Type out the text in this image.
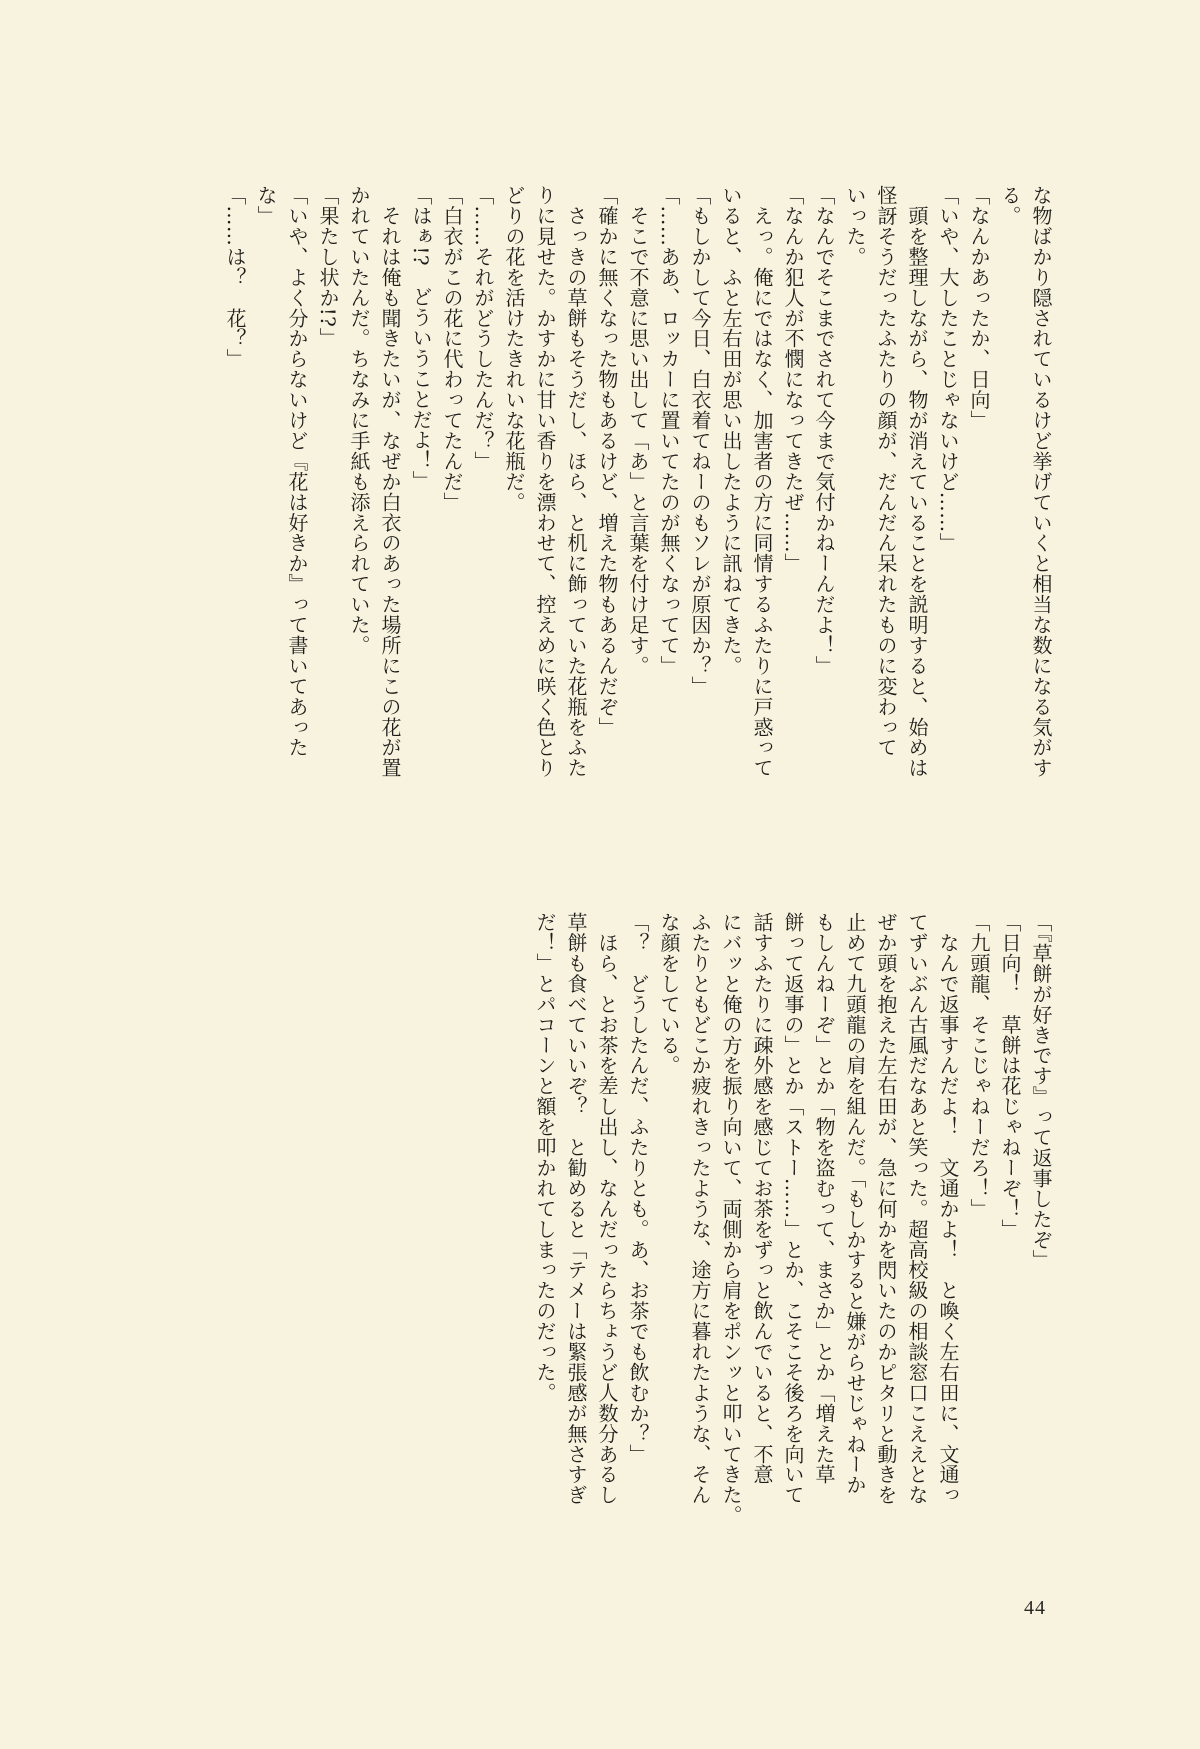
な物ばかり隠されているけど挙げていくと相当な数になる気がす
る。
「なんかあったか、日向」
「いや、大したことじゃないけど……」
　頭を整理しながら、物が消えていることを説明すると、始めは
怪訝そうだったふたりの顔が、だんだん呆れたものに変わって
いった。
「なんでそこまでされて今まで気付かねーんだよ！」
「なんか犯人が不憫になってきたぜ……」
　えっ。俺にではなく、加害者の方に同情するふたりに戸惑って
いると、ふと左右田が思い出したように訊ねてきた。
「もしかして今日、白衣着てねーのもソレが原因か？」
「……ああ、ロッカーに置いてたのが無くなってて」
　そこで不意に思い出して「あ」と言葉を付け足す。
「確かに無くなった物もあるけど、増えた物もあるんだぞ」
　さっきの草餅もそうだし、ほら、と机に飾っていた花瓶をふた
りに見せた。かすかに甘い香りを漂わせて、控えめに咲く色とり
どりの花を活けたきれいな花瓶だ。
「……それがどうしたんだ？」
「白衣がこの花に代わってたんだ」
「はぁ!?　どういうことだよ！」
　それは俺も聞きたいが、なぜか白衣のあった場所にこの花が置
かれていたんだ。ちなみに手紙も添えられていた。
「果たし状か!?」
「いや、よく分からないけど『花は好きか』って書いてあった
な」
「……は？　花？」
「『草餅が好きです』って返事したぞ」
「日向！　草餅は花じゃねーぞ！」
「九頭龍、そこじゃねーだろ！」
　なんで返事すんだよ！　文通かよ！　と喚く左右田に、文通っ
てずいぶん古風だなあと笑った。超高校級の相談窓口こええとな
ぜか頭を抱えた左右田が、急に何かを閃いたのかピタリと動きを
止めて九頭龍の肩を組んだ。「もしかすると嫌がらせじゃねーか
もしんねーぞ」とか「物を盗むって、まさか」とか「増えた草
餅って返事の」とか「ストー……」とか、こそこそ後ろを向いて
話すふたりに疎外感を感じてお茶をずっと飲んでいると、不意
にバッと俺の方を振り向いて、両側から肩をポンッと叩いてきた。
ふたりともどこか疲れきったような、途方に暮れたような、そん
な顔をしている。
「？　どうしたんだ、ふたりとも。あ、お茶でも飲むか？」
　ほら、とお茶を差し出し、なんだったらちょうど人数分あるし
草餅も食べていいぞ？　と勧めると「テメーは緊張感が無さすぎ
だ！」とパコーンと額を叩かれてしまったのだった。
44
